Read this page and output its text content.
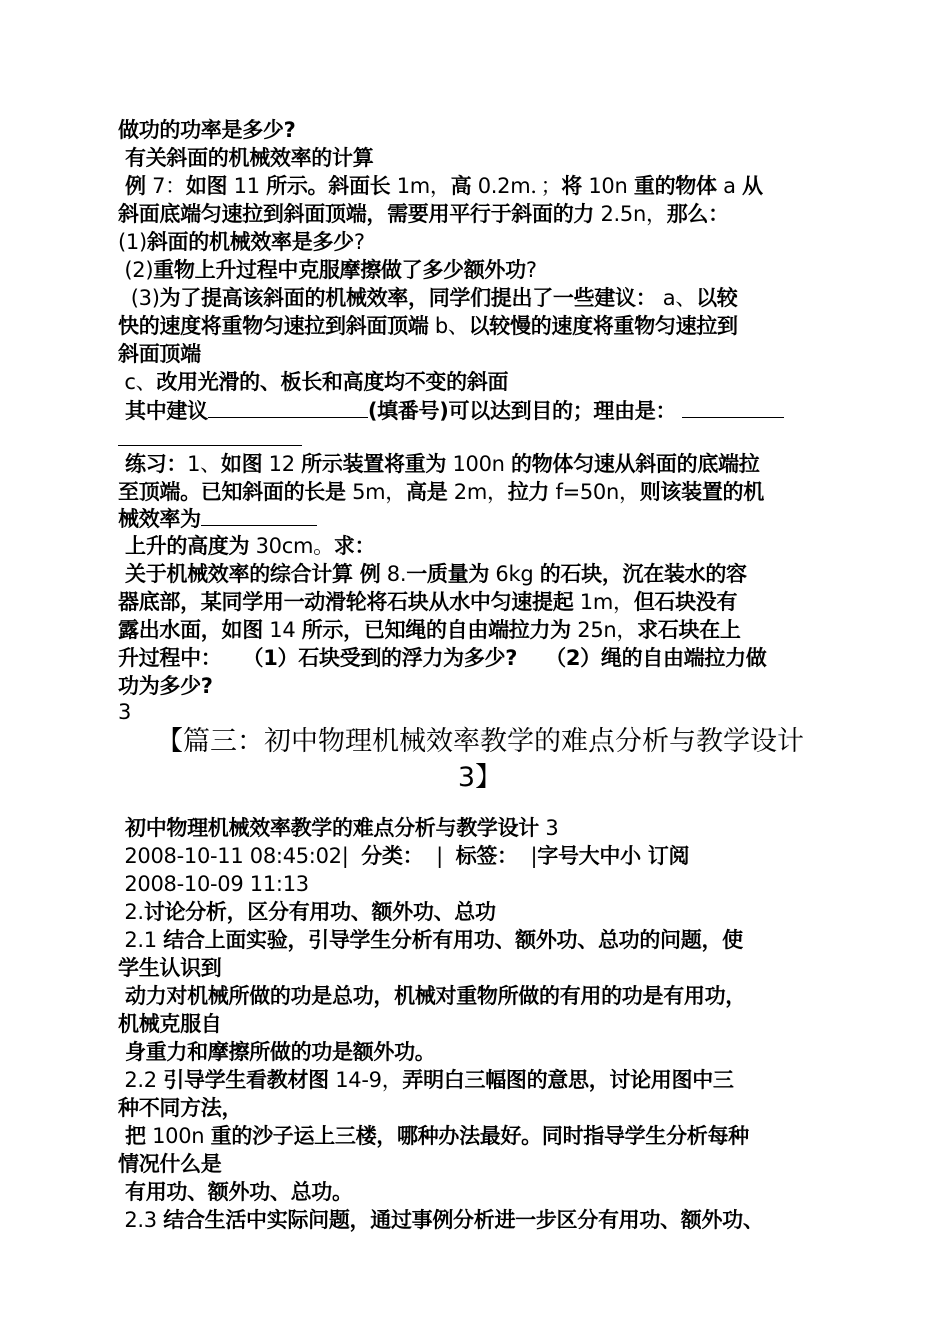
做功的功率是多少?
有关斜面的机械效率的计算
例 7：如图 11 所示。斜面长 1m，高 0.2m．；将 10n 重的物体 a 从
斜面底端匀速拉到斜面顶端，需要用平行于斜面的力 2.5n，那么：
(1)斜面的机械效率是多少?
(2)重物上升过程中克服摩擦做了多少额外功?
(3)为了提高该斜面的机械效率，同学们提出了一些建议： a、以较
快的速度将重物匀速拉到斜面顶端 b、以较慢的速度将重物匀速拉到
斜面顶端
c、改用光滑的、板长和高度均不变的斜面
其中建议	(填番号)可以达到目的；理由是：
练习：1、如图 12 所示装置将重为 100n 的物体匀速从斜面的底端拉
至顶端。已知斜面的长是 5m，高是 2m，拉力 f=50n，则该装置的机
械效率为
上升的高度为 30cm。求：
关于机械效率的综合计算 例 8.一质量为 6kg 的石块，沉在装水的容
器底部，某同学用一动滑轮将石块从水中匀速提起 1m，但石块没有
露出水面，如图 14 所示，已知绳的自由端拉力为 25n，求石块在上
升过程中：   （1）石块受到的浮力为多少?    （2）绳的自由端拉力做
功为多少?
3
【篇三：初中物理机械效率教学的难点分析与教学设计
3】
初中物理机械效率教学的难点分析与教学设计 3
2008-10-11 08:45:02|  分类：  |  标签：  |字号大中小 订阅
2008-10-09 11:13
2.讨论分析，区分有用功、额外功、总功
2.1 结合上面实验，引导学生分析有用功、额外功、总功的问题，使
学生认识到
动力对机械所做的功是总功，机械对重物所做的有用的功是有用功，
机械克服自
身重力和摩擦所做的功是额外功。
2.2 引导学生看教材图 14-9，弄明白三幅图的意思，讨论用图中三
种不同方法，
把 100n 重的沙子运上三楼，哪种办法最好。同时指导学生分析每种
情况什么是
有用功、额外功、总功。
2.3 结合生活中实际问题，通过事例分析进一步区分有用功、额外功、
